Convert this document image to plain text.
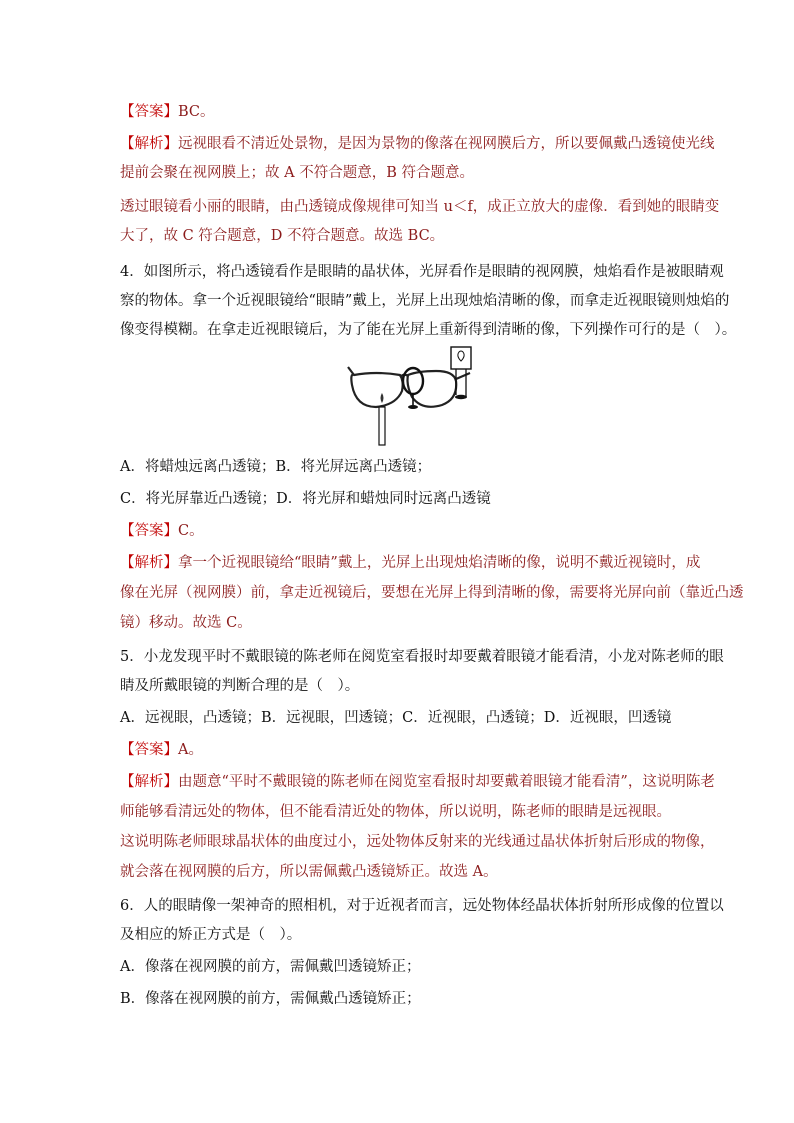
【答案】BC。
【解析】远视眼看不清近处景物，是因为景物的像落在视网膜后方，所以要佩戴凸透镜使光线
提前会聚在视网膜上；故 A 不符合题意，B 符合题意。
透过眼镜看小丽的眼睛，由凸透镜成像规律可知当 u＜f，成正立放大的虚像．看到她的眼睛变
大了，故 C 符合题意，D 不符合题意。故选 BC。
4．如图所示，将凸透镜看作是眼睛的晶状体，光屏看作是眼睛的视网膜，烛焰看作是被眼睛观
察的物体。拿一个近视眼镜给“眼睛”戴上，光屏上出现烛焰清晰的像，而拿走近视眼镜则烛焰的
像变得模糊。在拿走近视眼镜后，为了能在光屏上重新得到清晰的像，下列操作可行的是（　）。
A．将蜡烛远离凸透镜；B．将光屏远离凸透镜；
C．将光屏靠近凸透镜；D．将光屏和蜡烛同时远离凸透镜
【答案】C。
【解析】拿一个近视眼镜给“眼睛”戴上，光屏上出现烛焰清晰的像，说明不戴近视镜时，成
像在光屏（视网膜）前，拿走近视镜后，要想在光屏上得到清晰的像，需要将光屏向前（靠近凸透
镜）移动。故选 C。
5．小龙发现平时不戴眼镜的陈老师在阅览室看报时却要戴着眼镜才能看清，小龙对陈老师的眼
睛及所戴眼镜的判断合理的是（　）。
A．远视眼，凸透镜；B．远视眼，凹透镜；C．近视眼，凸透镜；D．近视眼，凹透镜
【答案】A。
【解析】由题意“平时不戴眼镜的陈老师在阅览室看报时却要戴着眼镜才能看清”，这说明陈老
师能够看清远处的物体，但不能看清近处的物体，所以说明，陈老师的眼睛是远视眼。
这说明陈老师眼球晶状体的曲度过小，远处物体反射来的光线通过晶状体折射后形成的物像，
就会落在视网膜的后方，所以需佩戴凸透镜矫正。故选 A。
6．人的眼睛像一架神奇的照相机，对于近视者而言，远处物体经晶状体折射所形成像的位置以
及相应的矫正方式是（　）。
A．像落在视网膜的前方，需佩戴凹透镜矫正；
B．像落在视网膜的前方，需佩戴凸透镜矫正；
